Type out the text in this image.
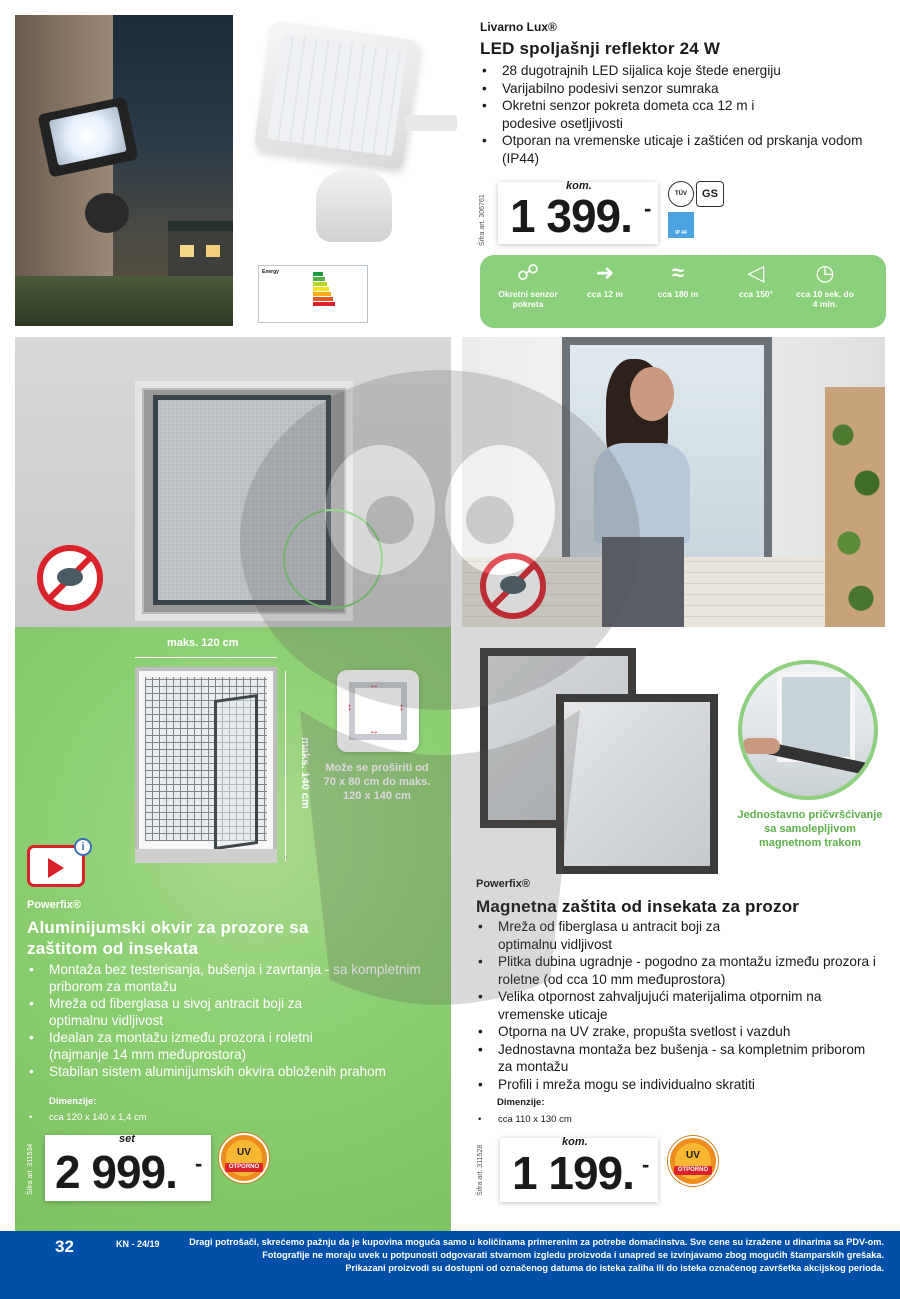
Energy
Livarno Lux®
LED spoljašnji reflektor 24 W
• 28 dugotrajnih LED sijalica koje štede energiju
• Varijabilno podesivi senzor sumraka
• Okretni senzor pokreta dometa cca 12 m i podesive osetljivosti
• Otporan na vremenske uticaje i zaštićen od prskanja vodom (IP44)
Šifra art. 306761
kom.
1 399. -
TÜV GS
IP 44
☍
Okretni senzor pokreta
➜
cca 12 m
≈
cca 180 m
◁
cca 150°
◷
cca 10 sek. do 4 min.
maks. 120 cm
maks. 140 cm
↔
↔
↕	↕
Može se proširiti od 70 x 80 cm do maks. 120 x 140 cm
i
Powerfix®
Aluminijumski okvir za prozore sa zaštitom od insekata
• Montaža bez testerisanja, bušenja i zavrtanja - sa kompletnim priborom za montažu
• Mreža od fiberglasa u sivoj antracit boji za optimalnu vidljivost
• Idealan za montažu između prozora i roletni (najmanje 14 mm međuprostora)
• Stabilan sistem aluminijumskih okvira obloženih prahom
Dimenzije:
• cca 120 x 140 x 1,4 cm
Šifra art. 311534
set
2 999. -	UV
OTPORNO
Jednostavno pričvršćivanje sa samolepljivom magnetnom trakom
Powerfix®
Magnetna zaštita od insekata za prozor
• Mreža od fiberglasa u antracit boji za optimalnu vidljivost
• Plitka dubina ugradnje - pogodno za montažu između prozora i roletne (od cca 10 mm međuprostora)
• Velika otpornost zahvaljujući materijalima otpornim na vremenske uticaje
• Otporna na UV zrake, propušta svetlost i vazduh
• Jednostavna montaža bez bušenja - sa kompletnim priborom za montažu
• Profili i mreža mogu se individualno skratiti
Dimenzije:
• cca 110 x 130 cm
Šifra art. 311528
kom.
1 199. -	UV
OTPORNO
32	KN - 24/19	Dragi potrošači, skrećemo pažnju da je kupovina moguća samo u količinama primerenim za potrebe domaćinstva. Sve cene su izražene u dinarima sa PDV-om.
Fotografije ne moraju uvek u potpunosti odgovarati stvarnom izgledu proizvoda i unapred se izvinjavamo zbog mogućih štamparskih grešaka.
Prikazani proizvodi su dostupni od označenog datuma do isteka zaliha ili do isteka označenog završetka akcijskog perioda.
